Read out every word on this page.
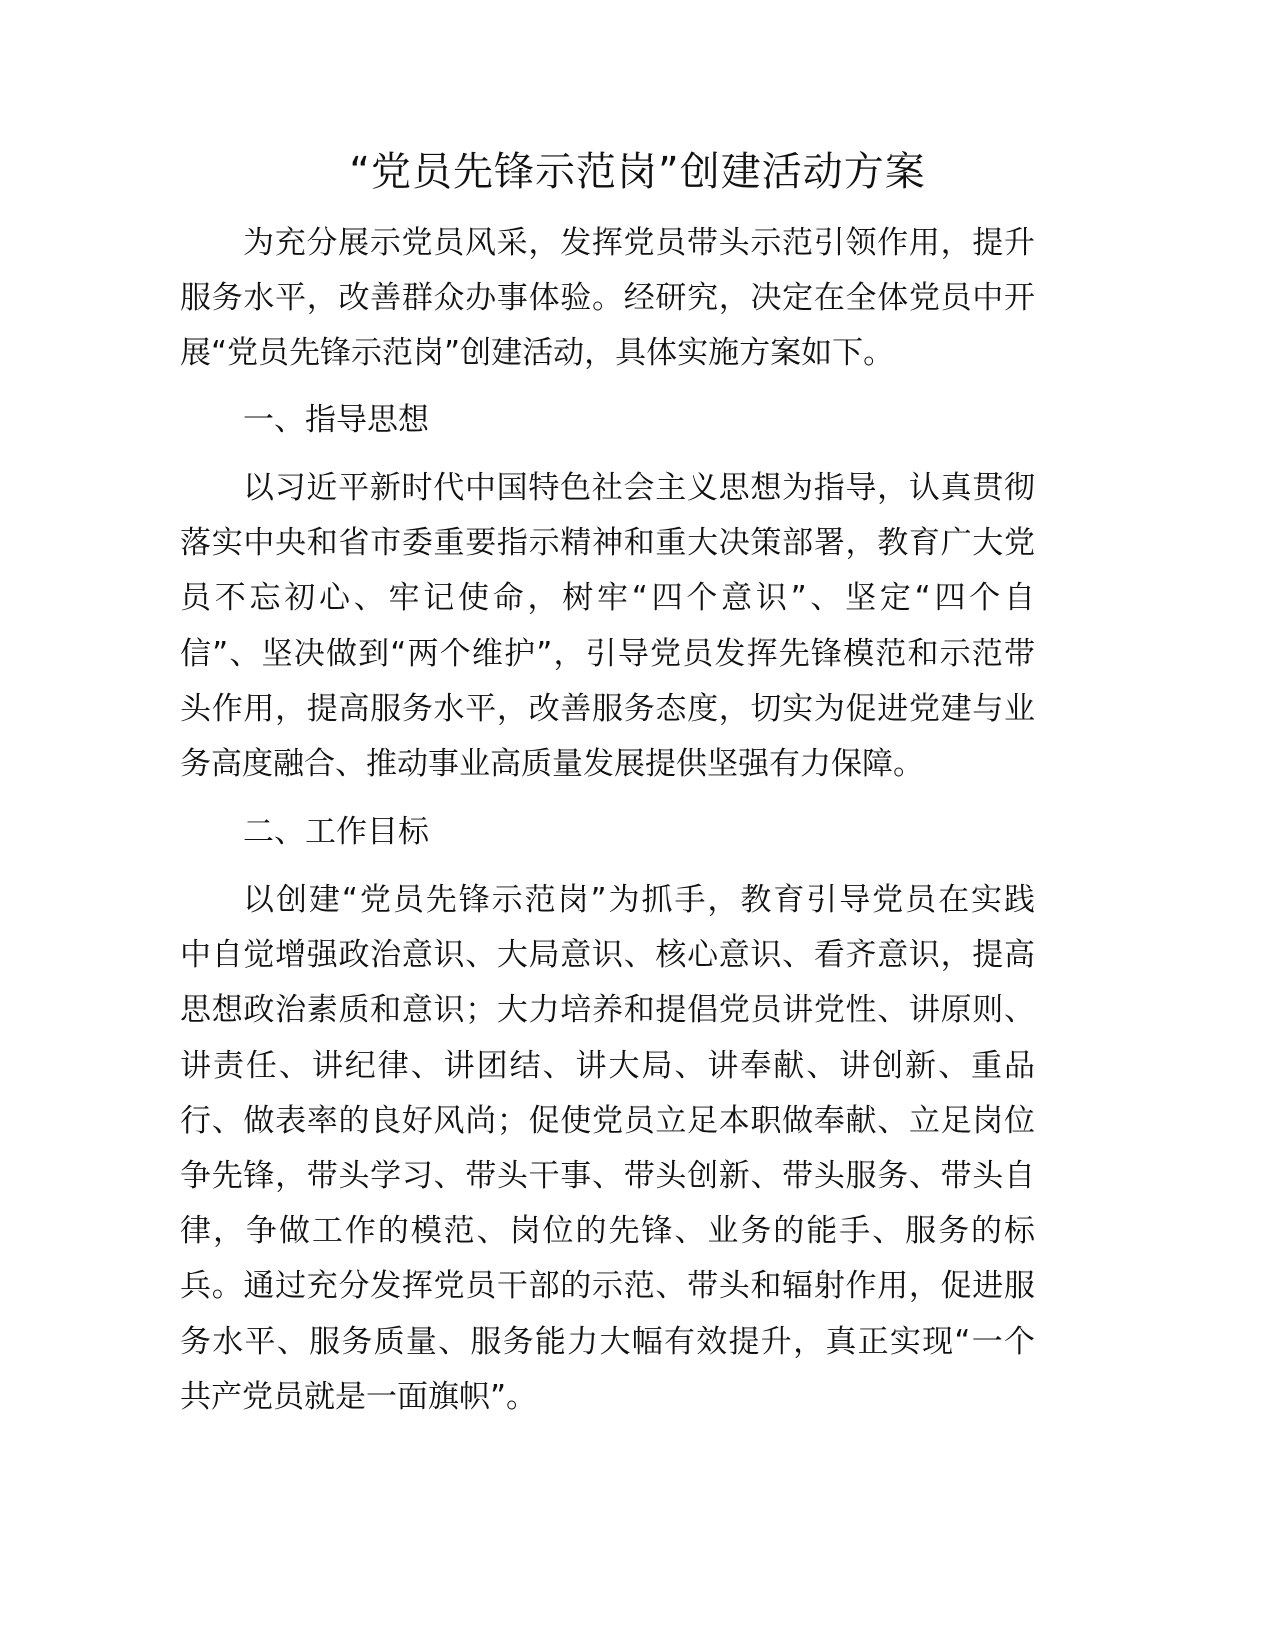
“党员先锋示范岗”创建活动方案
为充分展示党员风采，发挥党员带头示范引领作用，提升
服务水平，改善群众办事体验。经研究，决定在全体党员中开
展“党员先锋示范岗”创建活动，具体实施方案如下。
一、指导思想
以习近平新时代中国特色社会主义思想为指导，认真贯彻
落实中央和省市委重要指示精神和重大决策部署，教育广大党
员不忘初心、牢记使命，树牢“四个意识”、坚定“四个自
信”、坚决做到“两个维护”，引导党员发挥先锋模范和示范带
头作用，提高服务水平，改善服务态度，切实为促进党建与业
务高度融合、推动事业高质量发展提供坚强有力保障。
二、工作目标
以创建“党员先锋示范岗”为抓手，教育引导党员在实践
中自觉增强政治意识、大局意识、核心意识、看齐意识，提高
思想政治素质和意识；大力培养和提倡党员讲党性、讲原则、
讲责任、讲纪律、讲团结、讲大局、讲奉献、讲创新、重品
行、做表率的良好风尚；促使党员立足本职做奉献、立足岗位
争先锋，带头学习、带头干事、带头创新、带头服务、带头自
律，争做工作的模范、岗位的先锋、业务的能手、服务的标
兵。通过充分发挥党员干部的示范、带头和辐射作用，促进服
务水平、服务质量、服务能力大幅有效提升，真正实现“一个
共产党员就是一面旗帜”。
